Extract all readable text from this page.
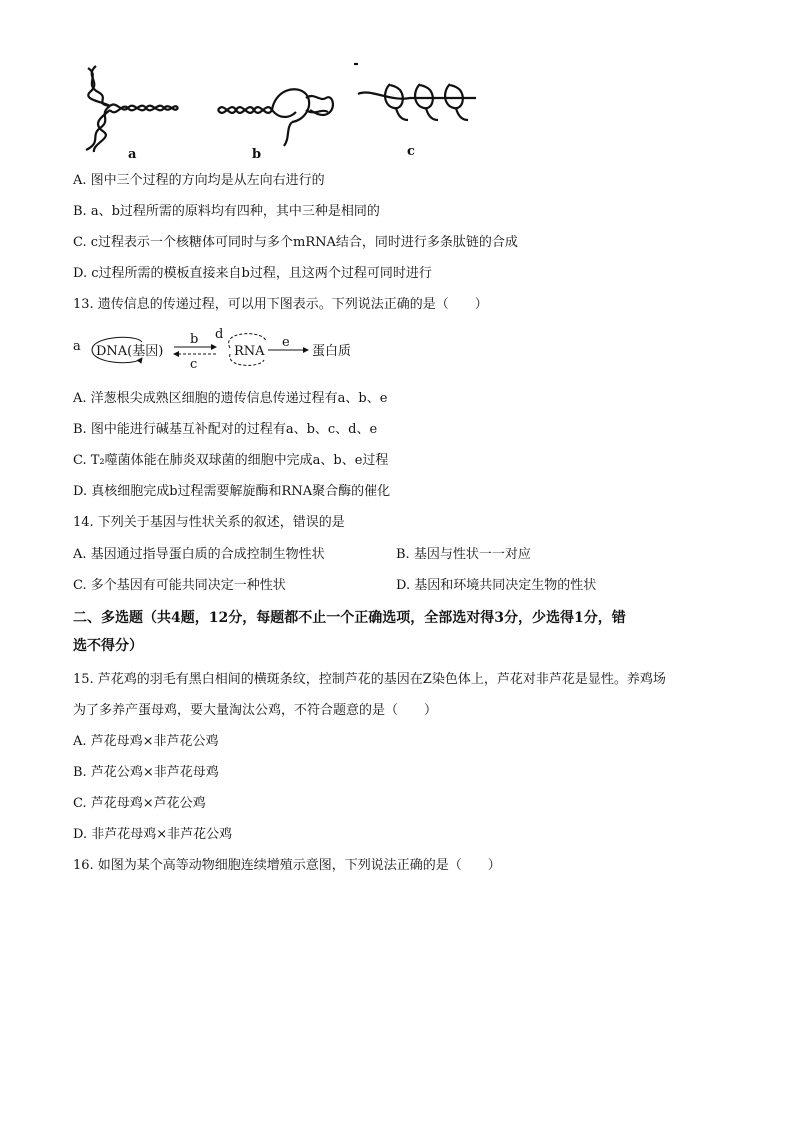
a	b	c
A. 图中三个过程的方向均是从左向右进行的
B. a、b过程所需的原料均有四种，其中三种是相同的
C. c过程表示一个核糖体可同时与多个mRNA结合，同时进行多条肽链的合成
D. c过程所需的模板直接来自b过程，且这两个过程可同时进行
13. 遗传信息的传递过程，可以用下图表示。下列说法正确的是（　　）
a DNA(基因)
b
c
d
RNA
e
蛋白质
A. 洋葱根尖成熟区细胞的遗传信息传递过程有a、b、e
B. 图中能进行碱基互补配对的过程有a、b、c、d、e
C. T₂噬菌体能在肺炎双球菌的细胞中完成a、b、e过程
D. 真核细胞完成b过程需要解旋酶和RNA聚合酶的催化
14. 下列关于基因与性状关系的叙述，错误的是
A. 基因通过指导蛋白质的合成控制生物性状	B. 基因与性状一一对应
C. 多个基因有可能共同决定一种性状	D. 基因和环境共同决定生物的性状
二、多选题（共4题，12分，每题都不止一个正确选项，全部选对得3分，少选得1分，错
选不得分）
15. 芦花鸡的羽毛有黑白相间的横斑条纹，控制芦花的基因在Z染色体上，芦花对非芦花是显性。养鸡场
为了多养产蛋母鸡，要大量淘汰公鸡，不符合题意的是（　　）
A. 芦花母鸡×非芦花公鸡
B. 芦花公鸡×非芦花母鸡
C. 芦花母鸡×芦花公鸡
D. 非芦花母鸡×非芦花公鸡
16. 如图为某个高等动物细胞连续增殖示意图，下列说法正确的是（　　）
